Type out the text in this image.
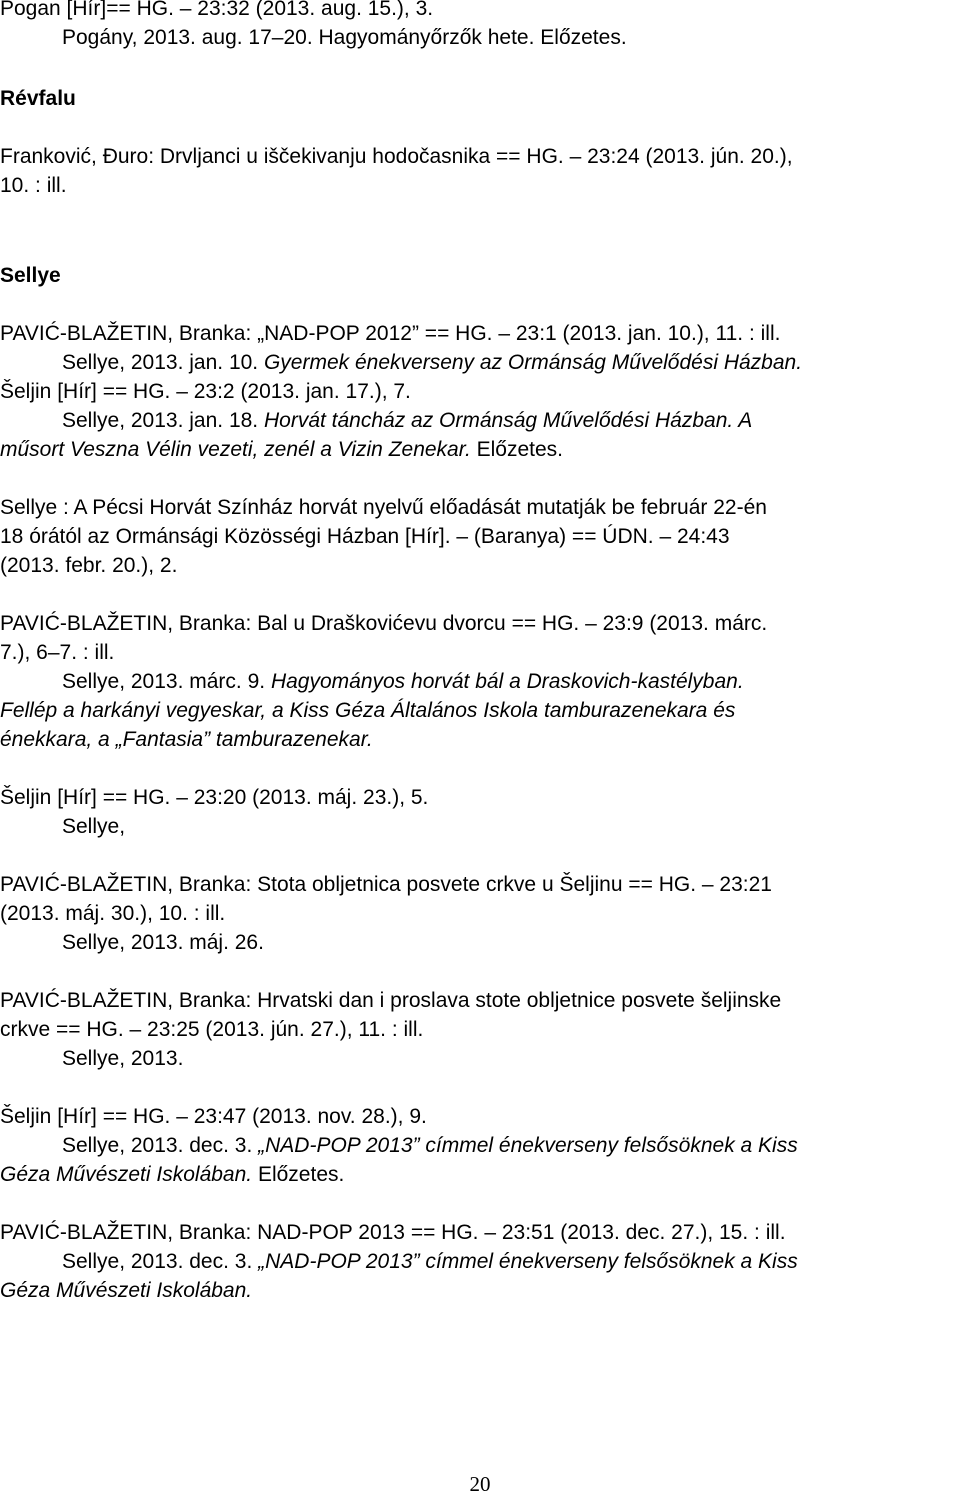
Pogan [Hír]== HG. – 23:32 (2013. aug. 15.), 3.
Pogány, 2013. aug. 17–20. Hagyományőrzők hete. Előzetes.
Révfalu
Franković, Đuro: Drvljanci u iščekivanju hodočasnika == HG. – 23:24 (2013. jún. 20.),
10. : ill.
Sellye
PAVIĆ-BLAŽETIN, Branka: „NAD-POP 2012” == HG. – 23:1 (2013. jan. 10.), 11. : ill.
Sellye, 2013. jan. 10. Gyermek énekverseny az Ormánság Művelődési Házban.
Šeljin [Hír] == HG. – 23:2 (2013. jan. 17.), 7.
Sellye, 2013. jan. 18. Horvát táncház az Ormánság Művelődési Házban. A
műsort Veszna Vélin vezeti, zenél a Vizin Zenekar. Előzetes.
Sellye : A Pécsi Horvát Színház horvát nyelvű előadását mutatják be február 22-én
18 órától az Ormánsági Közösségi Házban [Hír]. – (Baranya) == ÚDN. – 24:43
(2013. febr. 20.), 2.
PAVIĆ-BLAŽETIN, Branka: Bal u Draškovićevu dvorcu == HG. – 23:9 (2013. márc.
7.), 6–7. : ill.
Sellye, 2013. márc. 9. Hagyományos horvát bál a Draskovich-kastélyban.
Fellép a harkányi vegyeskar, a Kiss Géza Általános Iskola tamburazenekara és
énekkara, a „Fantasia” tamburazenekar.
Šeljin [Hír] == HG. – 23:20 (2013. máj. 23.), 5.
Sellye,
PAVIĆ-BLAŽETIN, Branka: Stota obljetnica posvete crkve u Šeljinu == HG. – 23:21
(2013. máj. 30.), 10. : ill.
Sellye, 2013. máj. 26.
PAVIĆ-BLAŽETIN, Branka: Hrvatski dan i proslava stote obljetnice posvete šeljinske
crkve == HG. – 23:25 (2013. jún. 27.), 11. : ill.
Sellye, 2013.
Šeljin [Hír] == HG. – 23:47 (2013. nov. 28.), 9.
Sellye, 2013. dec. 3. „NAD-POP 2013” címmel énekverseny felsősöknek a Kiss
Géza Művészeti Iskolában. Előzetes.
PAVIĆ-BLAŽETIN, Branka: NAD-POP 2013 == HG. – 23:51 (2013. dec. 27.), 15. : ill.
Sellye, 2013. dec. 3. „NAD-POP 2013” címmel énekverseny felsősöknek a Kiss
Géza Művészeti Iskolában.
20
